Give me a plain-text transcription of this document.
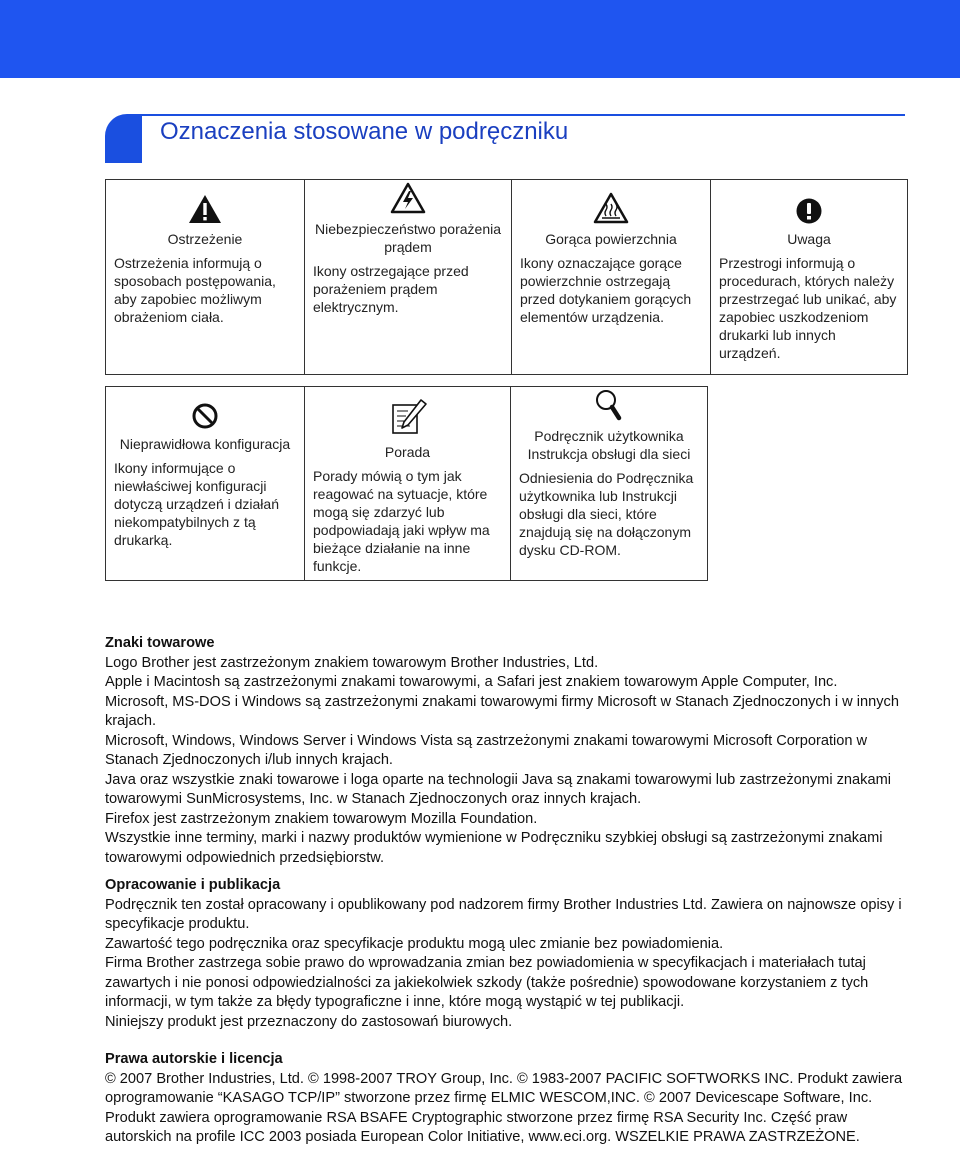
Oznaczenia stosowane w podręczniku
Ostrzeżenie
Ostrzeżenia informują o sposobach postępowania, aby zapobiec możliwym obrażeniom ciała.

Niebezpieczeństwo porażenia prądem
Ikony ostrzegające przed porażeniem prądem elektrycznym.

Gorąca powierzchnia
Ikony oznaczające gorące powierzchnie ostrzegają przed dotykaniem gorących elementów urządzenia.

Uwaga
Przestrogi informują o procedurach, których należy przestrzegać lub unikać, aby zapobiec uszkodzeniom drukarki lub innych urządzeń.
Nieprawidłowa konfiguracja
Ikony informujące o niewłaściwej konfiguracji dotyczą urządzeń i działań niekompatybilnych z tą drukarką.

Porada
Porady mówią o tym jak reagować na sytuacje, które mogą się zdarzyć lub podpowiadają jaki wpływ ma bieżące działanie na inne funkcje.

Podręcznik użytkownika Instrukcja obsługi dla sieci
Odniesienia do Podręcznika użytkownika lub Instrukcji obsługi dla sieci, które znajdują się na dołączonym dysku CD-ROM.
Znaki towarowe

Logo Brother jest zastrzeżonym znakiem towarowym Brother Industries, Ltd.

Apple i Macintosh są zastrzeżonymi znakami towarowymi, a Safari jest znakiem towarowym Apple Computer, Inc.

Microsoft, MS-DOS i Windows są zastrzeżonymi znakami towarowymi firmy Microsoft w Stanach Zjednoczonych i w innych krajach.

Microsoft, Windows, Windows Server i Windows Vista są zastrzeżonymi znakami towarowymi Microsoft Corporation w Stanach Zjednoczonych i/lub innych krajach.

Java oraz wszystkie znaki towarowe i loga oparte na technologii Java są znakami towarowymi lub zastrzeżonymi znakami towarowymi SunMicrosystems, Inc. w Stanach Zjednoczonych oraz innych krajach.

Firefox jest zastrzeżonym znakiem towarowym Mozilla Foundation.

Wszystkie inne terminy, marki i nazwy produktów wymienione w Podręczniku szybkiej obsługi są zastrzeżonymi znakami towarowymi odpowiednich przedsiębiorstw.

Opracowanie i publikacja

Podręcznik ten został opracowany i opublikowany pod nadzorem firmy Brother Industries Ltd. Zawiera on najnowsze opisy i specyfikacje produktu.

Zawartość tego podręcznika oraz specyfikacje produktu mogą ulec zmianie bez powiadomienia.

Firma Brother zastrzega sobie prawo do wprowadzania zmian bez powiadomienia w specyfikacjach i materiałach tutaj zawartych i nie ponosi odpowiedzialności za jakiekolwiek szkody (także pośrednie) spowodowane korzystaniem z tych informacji, w tym także za błędy typograficzne i inne, które mogą wystąpić w tej publikacji.

Niniejszy produkt jest przeznaczony do zastosowań biurowych.

Prawa autorskie i licencja

© 2007 Brother Industries, Ltd. © 1998-2007 TROY Group, Inc. © 1983-2007 PACIFIC SOFTWORKS INC. Produkt zawiera oprogramowanie “KASAGO TCP/IP” stworzone przez firmę ELMIC WESCOM,INC. © 2007 Devicescape Software, Inc. Produkt zawiera oprogramowanie RSA BSAFE Cryptographic stworzone przez firmę RSA Security Inc. Część praw autorskich na profile ICC 2003 posiada European Color Initiative, www.eci.org. WSZELKIE PRAWA ZASTRZEŻONE.
